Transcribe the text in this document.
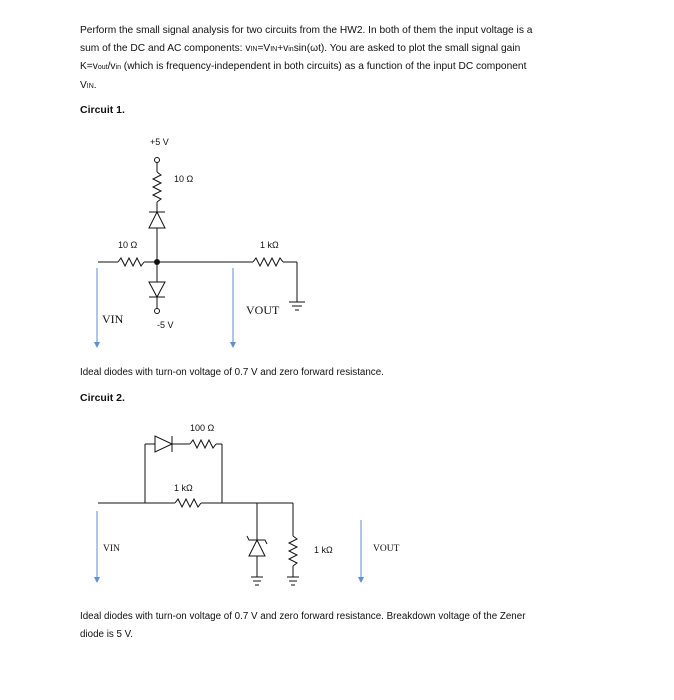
Perform the small signal analysis for two circuits from the HW2. In both of them the input voltage is a
sum of the DC and AC components: vIN=VIN+vinsin(ωt). You are asked to plot the small signal gain
K=vout/vin (which is frequency-independent in both circuits) as a function of the input DC component
VIN.
Circuit 1.
+5 V
10 Ω
10 Ω	1 kΩ
VIN
VOUT
-5 V
Ideal diodes with turn-on voltage of 0.7 V and zero forward resistance.
Circuit 2.
100 Ω
1 kΩ
VIN	1 kΩ	VOUT
Ideal diodes with turn-on voltage of 0.7 V and zero forward resistance. Breakdown voltage of the Zener
diode is 5 V.
